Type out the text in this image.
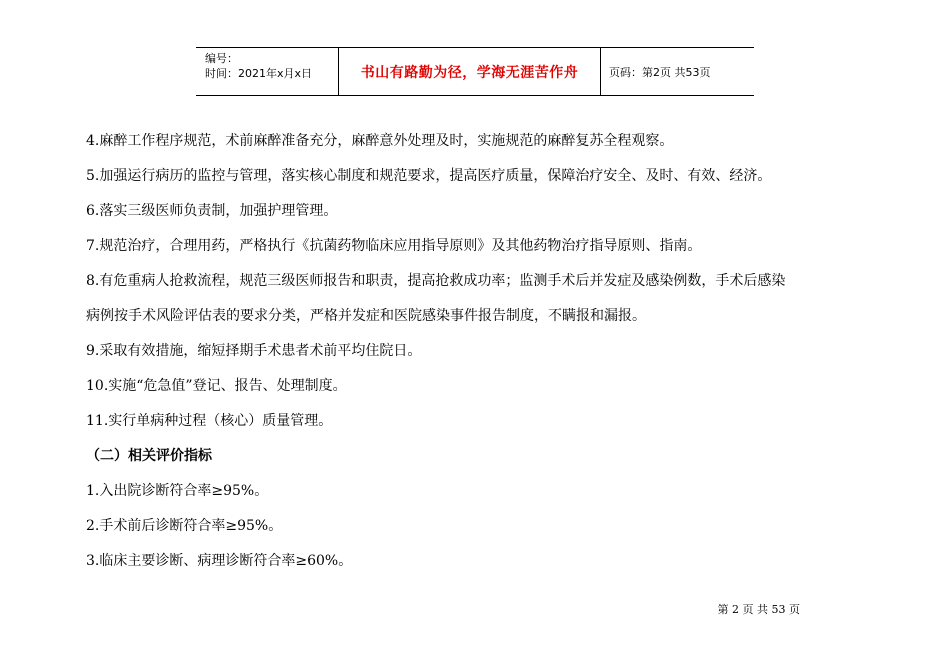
编号：
时间：2021年x月x日	书山有路勤为径，学海无涯苦作舟	页码：第2页 共53页
4.麻醉工作程序规范，术前麻醉准备充分，麻醉意外处理及时，实施规范的麻醉复苏全程观察。
5.加强运行病历的监控与管理，落实核心制度和规范要求，提高医疗质量，保障治疗安全、及时、有效、经济。
6.落实三级医师负责制，加强护理管理。
7.规范治疗，合理用药，严格执行《抗菌药物临床应用指导原则》及其他药物治疗指导原则、指南。
8.有危重病人抢救流程，规范三级医师报告和职责，提高抢救成功率；监测手术后并发症及感染例数，手术后感染
病例按手术风险评估表的要求分类，严格并发症和医院感染事件报告制度，不瞒报和漏报。
9.采取有效措施，缩短择期手术患者术前平均住院日。
10.实施“危急值”登记、报告、处理制度。
11.实行单病种过程（核心）质量管理。
（二）相关评价指标
1.入出院诊断符合率≥95%。
2.手术前后诊断符合率≥95%。
3.临床主要诊断、病理诊断符合率≥60%。
第 2 页 共 53 页
